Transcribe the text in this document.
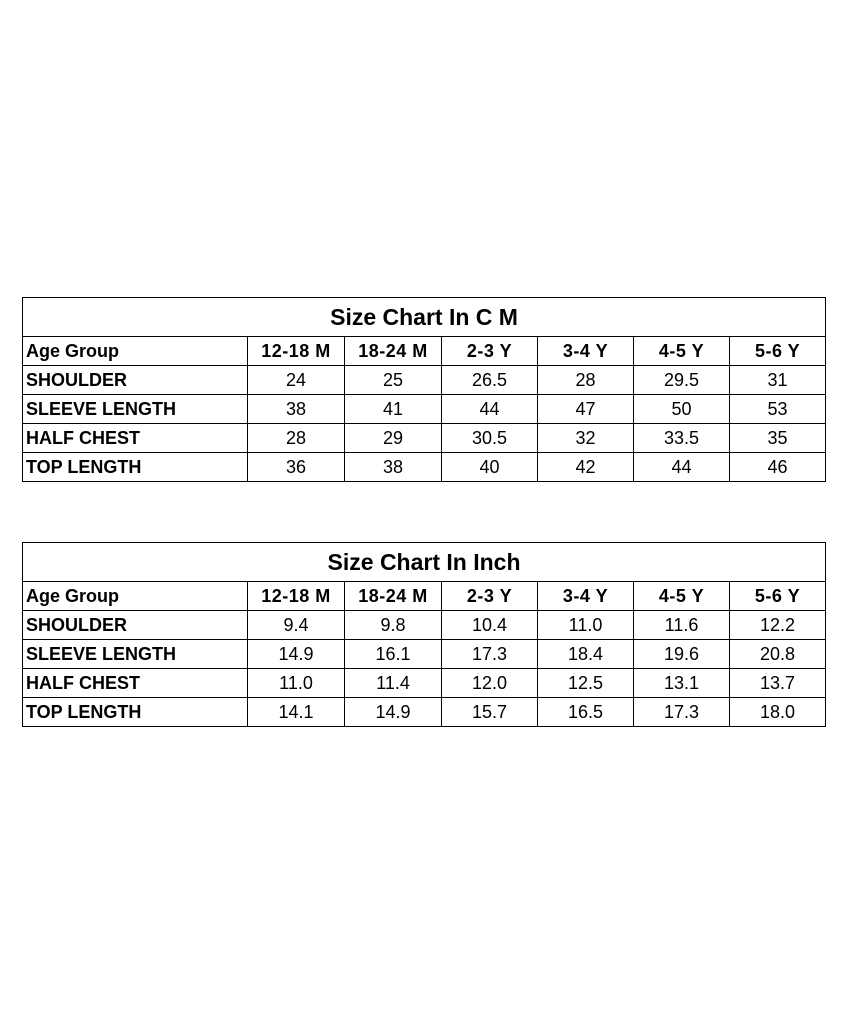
Size Chart In C M						
Age Group	12-18 M	18-24 M	2-3 Y	3-4 Y	4-5 Y	5-6 Y
SHOULDER	24	25	26.5	28	29.5	31
SLEEVE LENGTH	38	41	44	47	50	53
HALF CHEST	28	29	30.5	32	33.5	35
TOP LENGTH	36	38	40	42	44	46
Size Chart In Inch						
Age Group	12-18 M	18-24 M	2-3 Y	3-4 Y	4-5 Y	5-6 Y
SHOULDER	9.4	9.8	10.4	11.0	11.6	12.2
SLEEVE LENGTH	14.9	16.1	17.3	18.4	19.6	20.8
HALF CHEST	11.0	11.4	12.0	12.5	13.1	13.7
TOP LENGTH	14.1	14.9	15.7	16.5	17.3	18.0
